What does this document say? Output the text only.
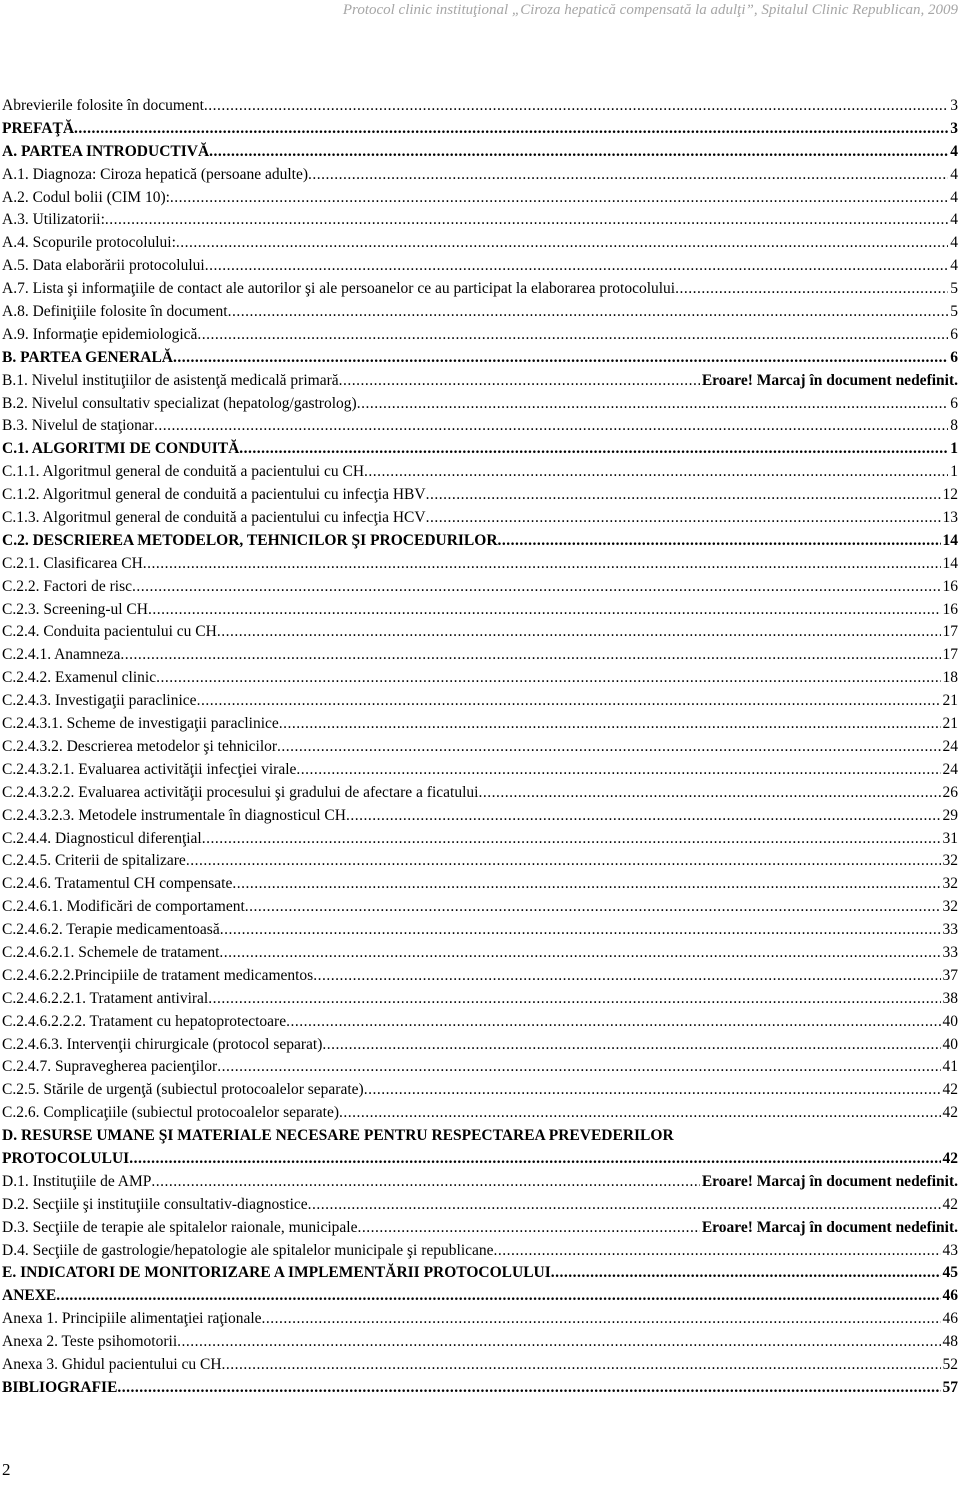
Protocol clinic instituţional „Ciroza hepatică compensată la adulţi”, Spitalul Clinic Republican, 2009
Abrevierile folosite în document .....	3
PREFAŢĂ .....	3
A. PARTEA INTRODUCTIVĂ .....	4
A.1. Diagnoza: Ciroza hepatică (persoane adulte) .....	4
A.2. Codul bolii (CIM 10): .....	4
A.3. Utilizatorii: .....	4
A.4. Scopurile protocolului: .....	4
A.5. Data elaborării protocolului .....	4
A.7. Lista şi informaţiile de contact ale autorilor şi ale persoanelor ce au participat la elaborarea protocolului .....	5
A.8. Definiţiile folosite în document .....	5
A.9. Informaţie epidemiologică .....	6
B. PARTEA GENERALĂ .....	6
B.1. Nivelul instituţiilor de asistenţă medicală primară .....	Eroare! Marcaj în document nedefinit.
B.2. Nivelul consultativ specializat (hepatolog/gastrolog) .....	6
B.3. Nivelul de staţionar .....	8
C.1. ALGORITMI DE CONDUITĂ .....	1
C.1.1. Algoritmul general de conduită a pacientului cu CH .....	1
C.1.2. Algoritmul general de conduită a pacientului cu infecţia HBV .....	12
C.1.3. Algoritmul general de conduită a pacientului cu infecţia HCV .....	13
C.2. DESCRIEREA METODELOR, TEHNICILOR ŞI PROCEDURILOR .....	14
C.2.1. Clasificarea CH .....	14
C.2.2. Factori de risc .....	16
C.2.3. Screening-ul CH .....	16
C.2.4. Conduita pacientului cu CH .....	17
C.2.4.1. Anamneza .....	17
C.2.4.2. Examenul clinic .....	18
C.2.4.3. Investigaţii paraclinice .....	21
C.2.4.3.1. Scheme de investigaţii paraclinice .....	21
C.2.4.3.2. Descrierea metodelor şi tehnicilor .....	24
C.2.4.3.2.1. Evaluarea activităţii infecţiei virale .....	24
C.2.4.3.2.2. Evaluarea activităţii procesului şi gradului de afectare a ficatului .....	26
C.2.4.3.2.3. Metodele instrumentale în diagnosticul CH .....	29
C.2.4.4. Diagnosticul diferenţial .....	31
C.2.4.5. Criterii de spitalizare .....	32
C.2.4.6. Tratamentul CH compensate .....	32
C.2.4.6.1. Modificări de comportament .....	32
C.2.4.6.2. Terapie medicamentoasă .....	33
C.2.4.6.2.1. Schemele de tratament .....	33
C.2.4.6.2.2.Principiile de tratament medicamentos .....	37
C.2.4.6.2.2.1. Tratament antiviral .....	38
C.2.4.6.2.2.2. Tratament cu hepatoprotectoare .....	40
C.2.4.6.3. Intervenţii chirurgicale (protocol separat) .....	40
C.2.4.7. Supravegherea pacienţilor .....	41
C.2.5. Stările de urgenţă (subiectul protocoalelor separate) .....	42
C.2.6. Complicaţiile (subiectul protocoalelor separate) .....	42
D. RESURSE UMANE ŞI MATERIALE NECESARE PENTRU RESPECTAREA PREVEDERILOR
PROTOCOLULUI .....	42
D.1. Instituţiile de AMP .....	Eroare! Marcaj în document nedefinit.
D.2. Secţiile şi instituţiile consultativ-diagnostice .....	42
D.3. Secţiile de terapie ale spitalelor raionale, municipale .....	Eroare! Marcaj în document nedefinit.
D.4. Secţiile de gastrologie/hepatologie ale spitalelor municipale şi republicane .....	43
E. INDICATORI DE MONITORIZARE A IMPLEMENTĂRII PROTOCOLULUI .....	45
ANEXE .....	46
Anexa 1. Principiile alimentaţiei raţionale .....	46
Anexa 2. Teste psihomotorii .....	48
Anexa 3. Ghidul pacientului cu CH .....	52
BIBLIOGRAFIE .....	57
2
